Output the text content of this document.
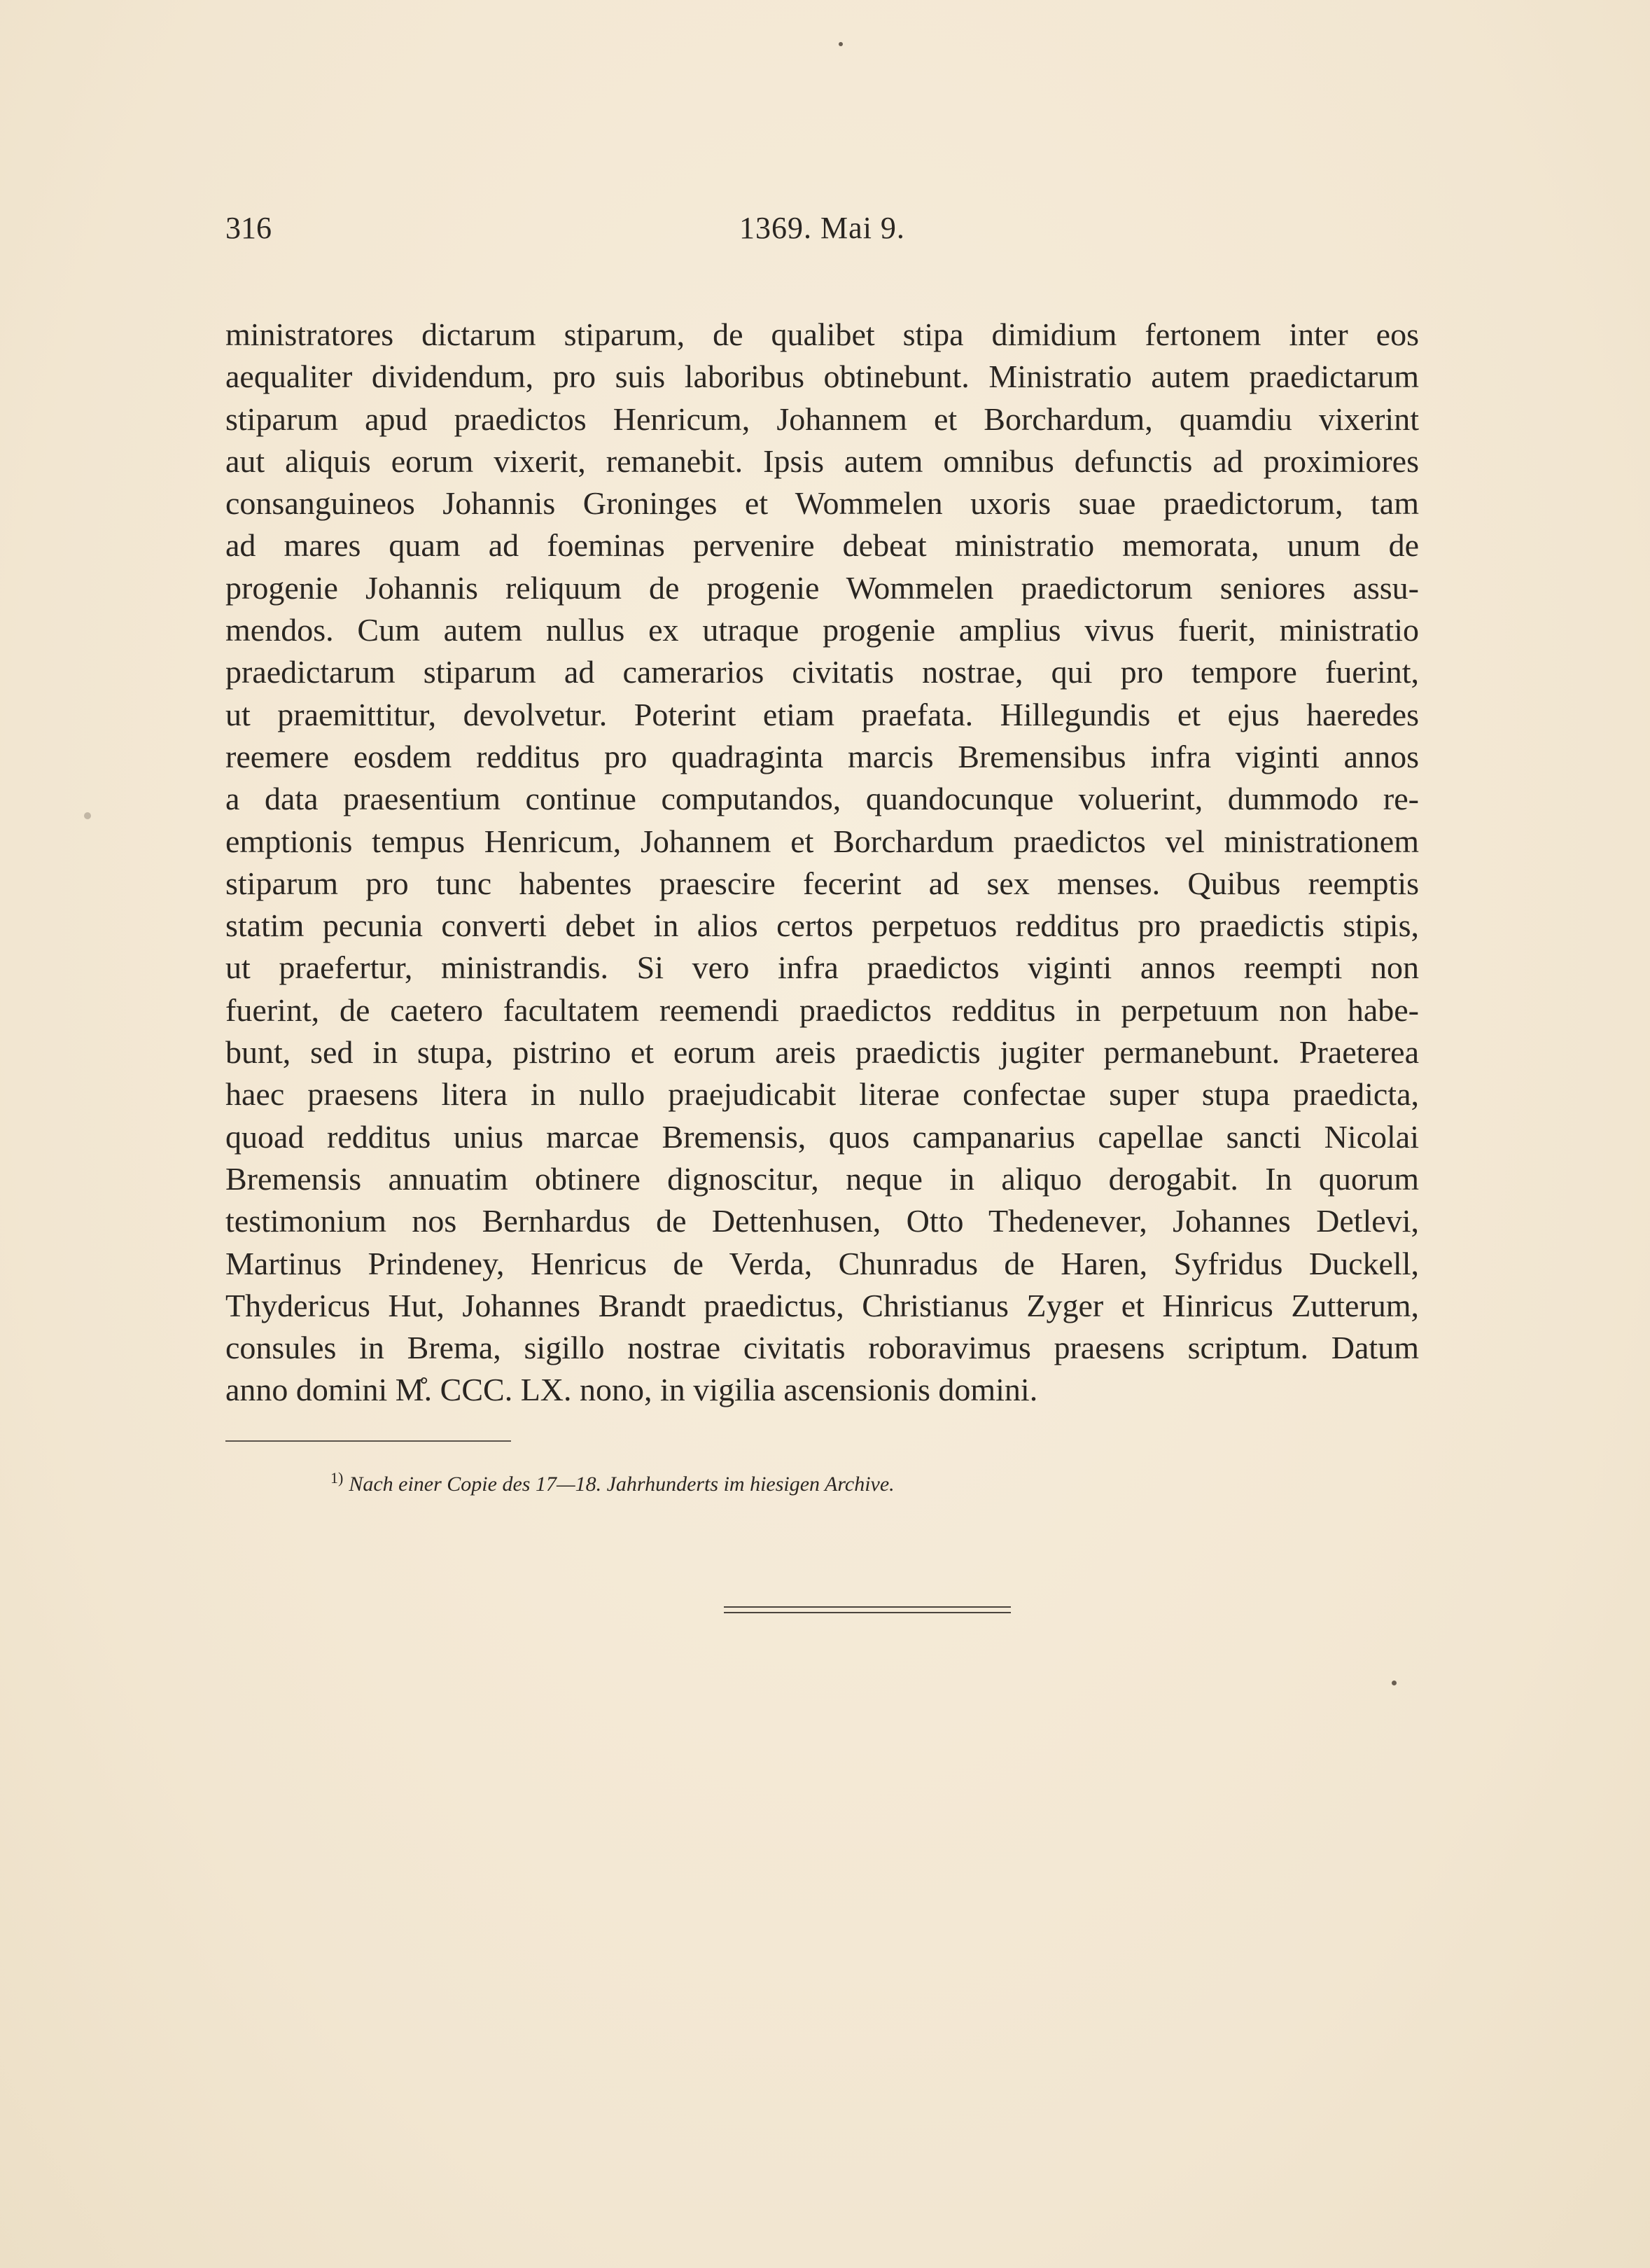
316	1369. Mai 9.
ministratores dictarum stiparum, de qualibet stipa dimidium fertonem inter eos
aequaliter dividendum, pro suis laboribus obtinebunt. Ministratio autem praedictarum
stiparum apud praedictos Henricum, Johannem et Borchardum, quamdiu vixerint
aut aliquis eorum vixerit, remanebit. Ipsis autem omnibus defunctis ad proximiores
consanguineos Johannis Groninges et Wommelen uxoris suae praedictorum, tam
ad mares quam ad foeminas pervenire debeat ministratio memorata, unum de
progenie Johannis reliquum de progenie Wommelen praedictorum seniores assu-
mendos. Cum autem nullus ex utraque progenie amplius vivus fuerit, ministratio
praedictarum stiparum ad camerarios civitatis nostrae, qui pro tempore fuerint,
ut praemittitur, devolvetur. Poterint etiam praefata. Hillegundis et ejus haeredes
reemere eosdem redditus pro quadraginta marcis Bremensibus infra viginti annos
a data praesentium continue computandos, quandocunque voluerint, dummodo re-
emptionis tempus Henricum, Johannem et Borchardum praedictos vel ministrationem
stiparum pro tunc habentes praescire fecerint ad sex menses. Quibus reemptis
statim pecunia converti debet in alios certos perpetuos redditus pro praedictis stipis,
ut praefertur, ministrandis. Si vero infra praedictos viginti annos reempti non
fuerint, de caetero facultatem reemendi praedictos redditus in perpetuum non habe-
bunt, sed in stupa, pistrino et eorum areis praedictis jugiter permanebunt. Praeterea
haec praesens litera in nullo praejudicabit literae confectae super stupa praedicta,
quoad redditus unius marcae Bremensis, quos campanarius capellae sancti Nicolai
Bremensis annuatim obtinere dignoscitur, neque in aliquo derogabit. In quorum
testimonium nos Bernhardus de Dettenhusen, Otto Thedenever, Johannes Detlevi,
Martinus Prindeney, Henricus de Verda, Chunradus de Haren, Syfridus Duckell,
Thydericus Hut, Johannes Brandt praedictus, Christianus Zyger et Hinricus Zutterum,
consules in Brema, sigillo nostrae civitatis roboravimus praesens scriptum. Datum
anno domini M̊. CCC. LX. nono, in vigilia ascensionis domini.
$^{1)}$ Nach einer Copie des 17—18. Jahrhunderts im hiesigen Archive.
